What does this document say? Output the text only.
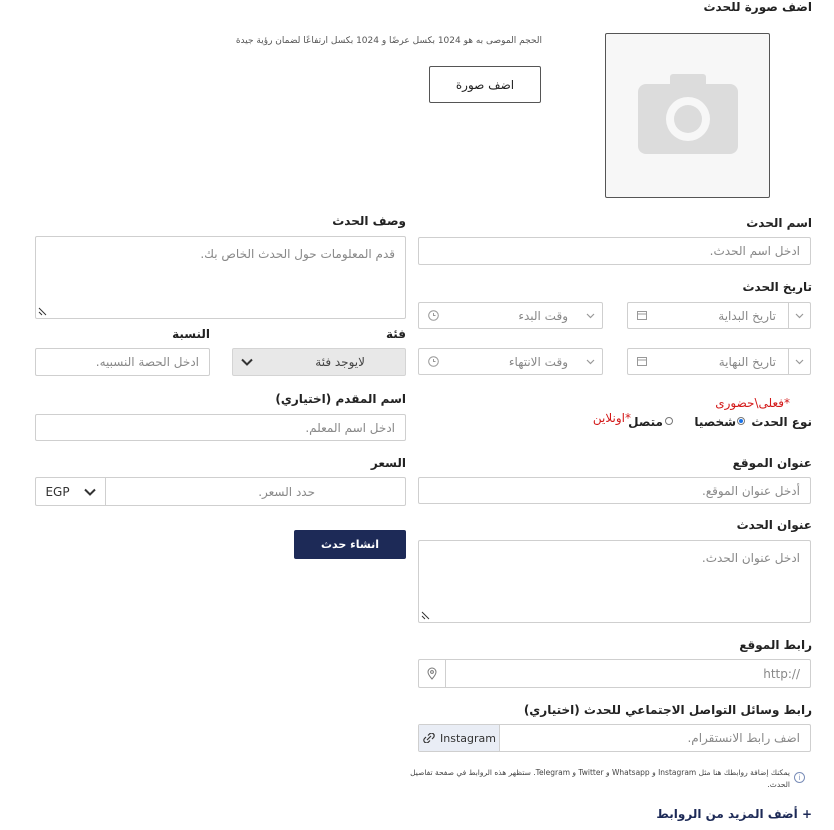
اضف صورة للحدث
الحجم الموصى به هو 1024 بكسل عرضًا و 1024 بكسل ارتفاعًا لضمان رؤية جيدة
اضف صورة
اسم الحدث
ادخل اسم الحدث.
وصف الحدث
قدم المعلومات حول الحدث الخاص بك.
تاريخ الحدث
تاريخ البداية
وقت البدء
تاريخ النهاية
وقت الانتهاء
فئة
لايوجد فئة
النسبة
ادخل الحصة النسبيه.
اسم المقدم (اختياري)
ادخل اسم المعلم.
*فعلى\حضورى
نوع الحدث
شخصيا
متصل
*اونلاين
السعر
حدد السعر.
EGP
عنوان الموقع
أدخل عنوان الموقع.
انشاء حدث
عنوان الحدث
ادخل عنوان الحدث.
رابط الموقع
http://
رابط وسائل التواصل الاجتماعي للحدث (اختياري)
اضف رابط الانستقرام.
Instagram
يمكنك إضافة روابطك هنا مثل Instagram و Whatsapp و Twitter و Telegram. ستظهر هذه الروابط في صفحة تفاصيل الحدث.
i
+ أضف المزيد من الروابط
